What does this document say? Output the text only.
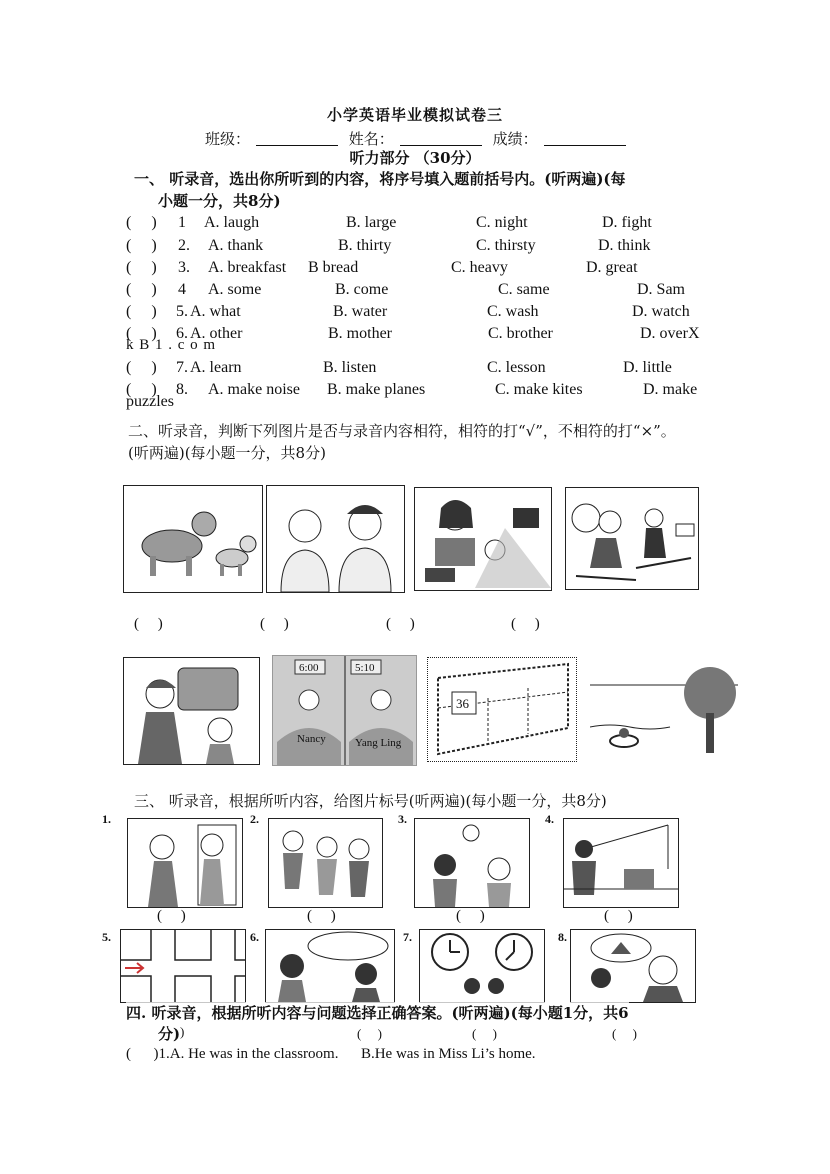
小学英语毕业模拟试卷三
班级：	姓名：	成绩：
听力部分 （30分）
一、 听录音，选出你所听到的内容，将序号填入题前括号内。(听两遍)(每
小题一分，共8分)
(     ) 1 A. laugh	B. large	C. night	D. fight
(     ) 2. A. thank	B. thirty	C. thirsty	D. think
(     ) 3. A. breakfast B bread	C. heavy	D. great
(     ) 4 A. some	B. come	C. same	D. Sam
(     ) 5. A. what	B. water	C. wash	D. watch
(     ) 6. A. other	B. mother	C. brother	D. overX
(     ) 7. A. learn	B. listen	C. lesson	D. little
(     ) 8. A. make noise B. make planes	C. make kites	D. make
k B 1 . c o m
puzzles
二、听录音，判断下列图片是否与录音内容相符，相符的打“√”，不相符的打“×”。
(听两遍)(每小题一分，共8分)
(     )	(     )	(     )	(     )
6:00	5:10
Nancy	Yang Ling
36
三、 听录音，根据所听内容，给图片标号(听两遍)(每小题一分，共8分)
1.	2.	3.	4.
(     )	(     )	(     )	(     )
5.	6.	7.	8.
四. 听录音，根据所听内容与问题选择正确答案。(听两遍)(每小题1分，共6
分) )	(     )	(     )	(     )
(      )1.A. He was in the classroom.      B.He was in Miss Li’s home.
